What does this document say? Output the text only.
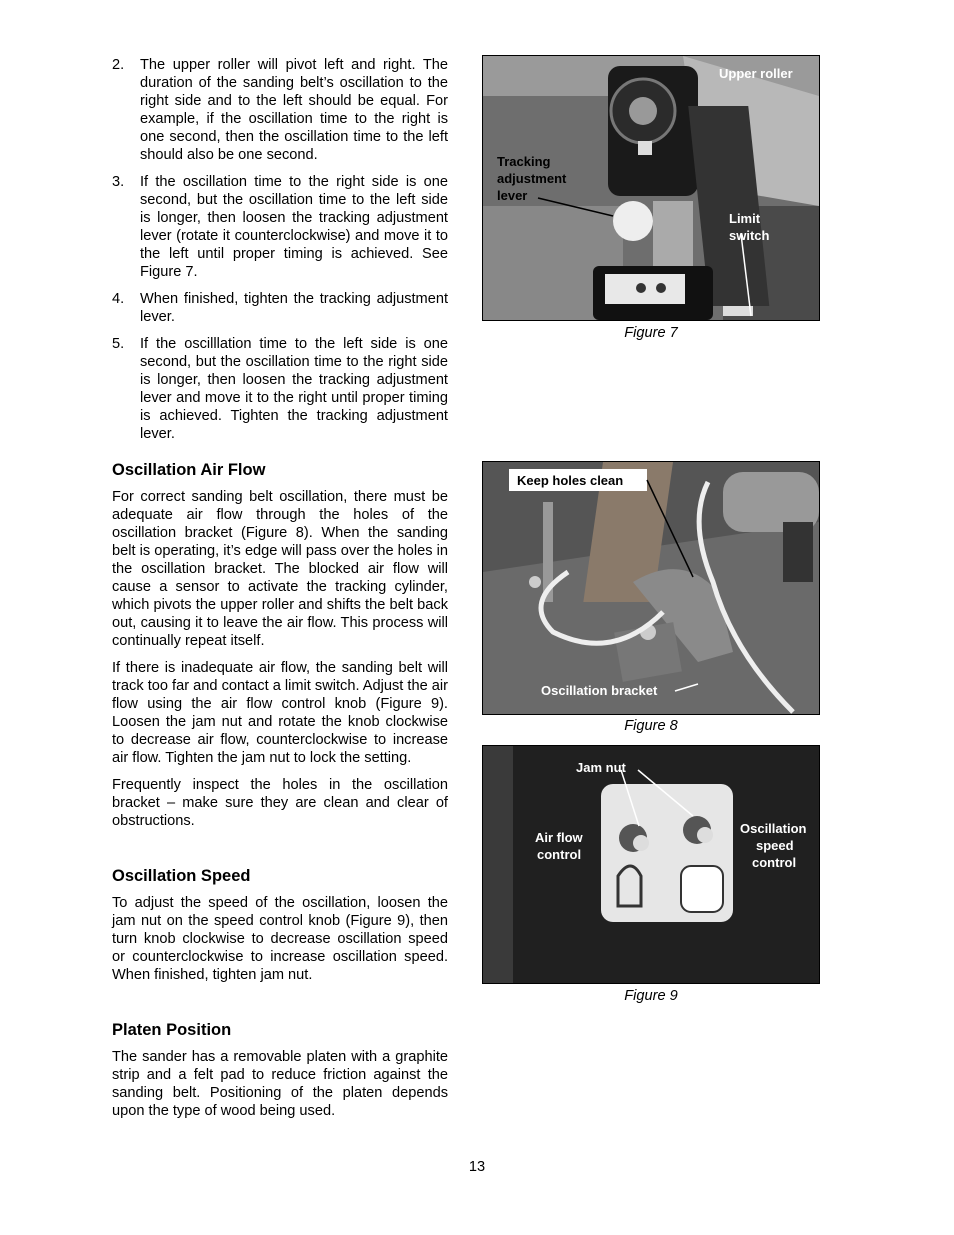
2.	The upper roller will pivot left and right. The duration of the sanding belt’s oscillation to the right side and to the left should be equal. For example, if the oscillation time to the right is one second, then the oscillation time to the left should also be one second.
3.	If the oscillation time to the right side is one second, but the oscillation time to the left side is longer, then loosen the tracking adjustment lever (rotate it counterclockwise) and move it to the left until proper timing is achieved. See Figure 7.
4.	When finished, tighten the tracking adjustment lever.
5.	If the oscilllation time to the left side is one second, but the oscillation time to the right side is longer, then loosen the tracking adjustment lever and move it to the right until proper timing is achieved. Tighten the tracking adjustment lever.
Oscillation Air Flow

For correct sanding belt oscillation, there must be adequate air flow through the holes of the oscillation bracket (Figure 8). When the sanding belt is operating, it’s edge will pass over the holes in the oscillation bracket. The blocked air flow will cause a sensor to activate the tracking cylinder, which pivots the upper roller and shifts the belt back out, causing it to leave the air flow. This process will continually repeat itself.

If there is inadequate air flow, the sanding belt will track too far and contact a limit switch. Adjust the air flow using the air flow control knob (Figure 9). Loosen the jam nut and rotate the knob clockwise to decrease air flow, counterclockwise to increase air flow. Tighten the jam nut to lock the setting.

Frequently inspect the holes in the oscillation bracket – make sure they are clean and clear of obstructions.

Oscillation Speed

To adjust the speed of the oscillation, loosen the jam nut on the speed control knob (Figure 9), then turn knob clockwise to decrease oscillation speed or counterclockwise to increase oscillation speed. When finished, tighten jam nut.

Platen Position

The sander has a removable platen with a graphite strip and a felt pad to reduce friction against the sanding belt. Positioning of the platen depends upon the type of wood being used.

Upper roller
Tracking
adjustment
lever
Limit
switch
Figure 7
Keep holes clean
Oscillation bracket
Figure 8
Jam nut
Air flow
control
Oscillation
speed
control
Figure 9
13
